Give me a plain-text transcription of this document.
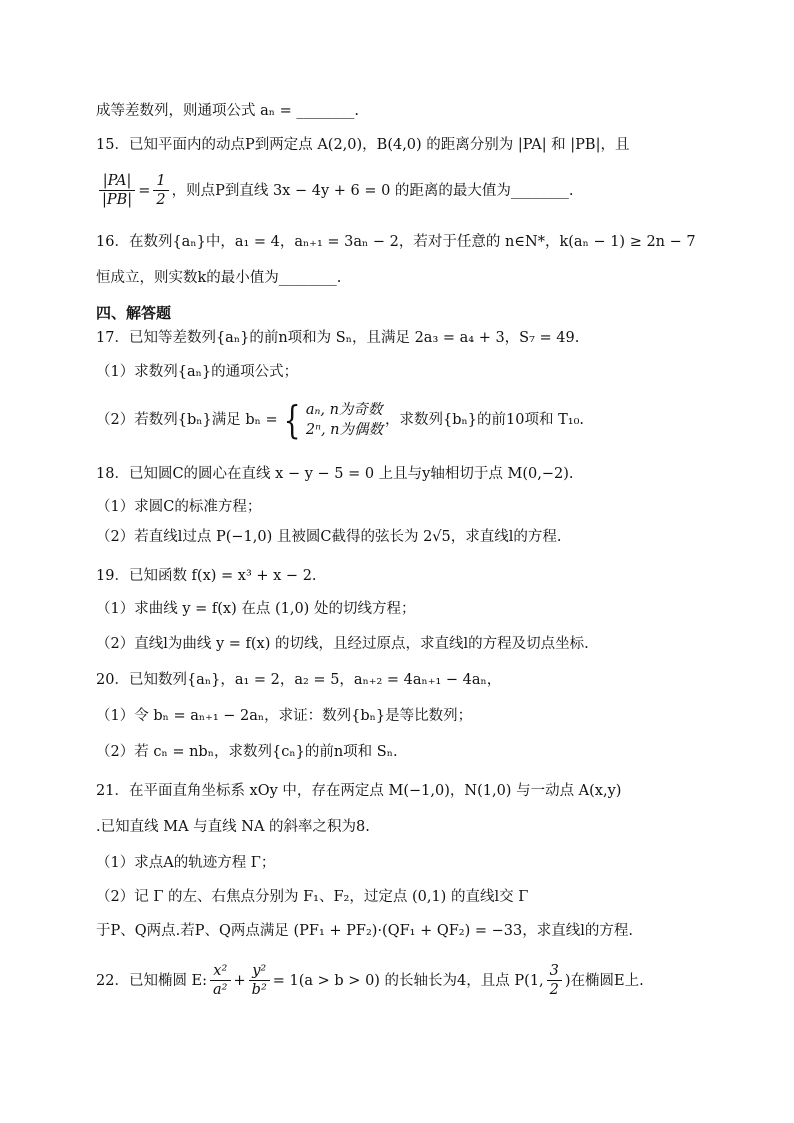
成等差数列，则通项公式 aₙ = ________.
15．已知平面内的动点P到两定点 A(2,0)，B(4,0) 的距离分别为 |PA| 和 |PB|，且
$\frac{|PA|}{|PB|} = \frac{1}{2}$ ，则点P到直线 3x − 4y + 6 = 0 的距离的最大值为________.
16．在数列{aₙ}中，a₁ = 4，aₙ₊₁ = 3aₙ − 2，若对于任意的 n∈N*，k(aₙ − 1) ≥ 2n − 7
恒成立，则实数k的最小值为________.
四、解答题
17．已知等差数列{aₙ}的前n项和为 Sₙ，且满足 2a₃ = a₄ + 3，S₇ = 49.
（1）求数列{aₙ}的通项公式；
（2）若数列{bₙ}满足 bₙ = { aₙ, n为奇数
2ⁿ, n为偶数
，求数列{bₙ}的前10项和 T₁₀.
18．已知圆C的圆心在直线 x − y − 5 = 0 上且与y轴相切于点 M(0,−2).
（1）求圆C的标准方程；
（2）若直线l过点 P(−1,0) 且被圆C截得的弦长为 2√5，求直线l的方程.
19．已知函数 f(x) = x³ + x − 2.
（1）求曲线 y = f(x) 在点 (1,0) 处的切线方程；
（2）直线l为曲线 y = f(x) 的切线，且经过原点，求直线l的方程及切点坐标.
20．已知数列{aₙ}，a₁ = 2，a₂ = 5，aₙ₊₂ = 4aₙ₊₁ − 4aₙ，
（1）令 bₙ = aₙ₊₁ − 2aₙ，求证：数列{bₙ}是等比数列；
（2）若 cₙ = nbₙ，求数列{cₙ}的前n项和 Sₙ.
21．在平面直角坐标系 xOy 中，存在两定点 M(−1,0)，N(1,0) 与一动点 A(x,y)
.已知直线 MA 与直线 NA 的斜率之积为8.
（1）求点A的轨迹方程 Γ；
（2）记 Γ 的左、右焦点分别为 F₁、F₂，过定点 (0,1) 的直线l交 Γ
于P、Q两点.若P、Q两点满足 (PF₁ + PF₂)·(QF₁ + QF₂) = −33，求直线l的方程.
22．已知椭圆 E: $\frac{\text{x²}}{\text{a²}} + \frac{\text{y²}}{\text{b²}} = 1(a > b > 0)$ 的长轴长为4，且点 P (1, $\frac{3}{2}$ ) 在椭圆E上.
